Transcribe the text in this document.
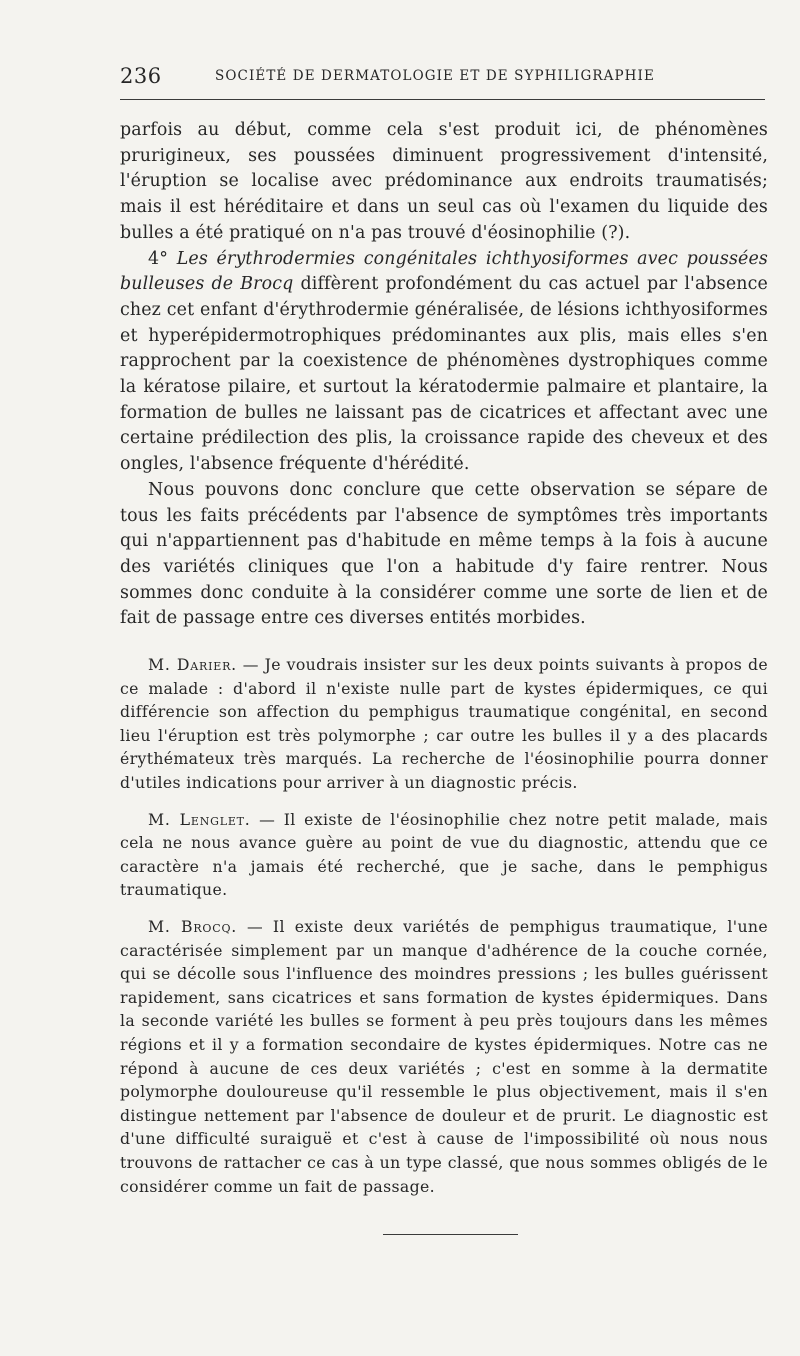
236	SOCIÉTÉ DE DERMATOLOGIE ET DE SYPHILIGRAPHIE

parfois au début, comme cela s'est produit ici, de phénomènes prurigineux, ses poussées diminuent progressivement d'intensité, l'éruption se localise avec prédominance aux endroits traumatisés; mais il est héréditaire et dans un seul cas où l'examen du liquide des bulles a été pratiqué on n'a pas trouvé d'éosinophilie (?).

4° Les érythrodermies congénitales ichthyosiformes avec poussées bulleuses de Brocq diffèrent profondément du cas actuel par l'absence chez cet enfant d'érythrodermie généralisée, de lésions ichthyosiformes et hyperépidermotrophiques prédominantes aux plis, mais elles s'en rapprochent par la coexistence de phénomènes dystrophiques comme la kératose pilaire, et surtout la kératodermie palmaire et plantaire, la formation de bulles ne laissant pas de cicatrices et affectant avec une certaine prédilection des plis, la croissance rapide des cheveux et des ongles, l'absence fréquente d'hérédité.

Nous pouvons donc conclure que cette observation se sépare de tous les faits précédents par l'absence de symptômes très importants qui n'appartiennent pas d'habitude en même temps à la fois à aucune des variétés cliniques que l'on a habitude d'y faire rentrer. Nous sommes donc conduite à la considérer comme une sorte de lien et de fait de passage entre ces diverses entités morbides.

M. Darier. — Je voudrais insister sur les deux points suivants à propos de ce malade : d'abord il n'existe nulle part de kystes épidermiques, ce qui différencie son affection du pemphigus traumatique congénital, en second lieu l'éruption est très polymorphe ; car outre les bulles il y a des placards érythémateux très marqués. La recherche de l'éosinophilie pourra donner d'utiles indications pour arriver à un diagnostic précis.

M. Lenglet. — Il existe de l'éosinophilie chez notre petit malade, mais cela ne nous avance guère au point de vue du diagnostic, attendu que ce caractère n'a jamais été recherché, que je sache, dans le pemphigus traumatique.

M. Brocq. — Il existe deux variétés de pemphigus traumatique, l'une caractérisée simplement par un manque d'adhérence de la couche cornée, qui se décolle sous l'influence des moindres pressions ; les bulles guérissent rapidement, sans cicatrices et sans formation de kystes épidermiques. Dans la seconde variété les bulles se forment à peu près toujours dans les mêmes régions et il y a formation secondaire de kystes épidermiques. Notre cas ne répond à aucune de ces deux variétés ; c'est en somme à la dermatite polymorphe douloureuse qu'il ressemble le plus objectivement, mais il s'en distingue nettement par l'absence de douleur et de prurit. Le diagnostic est d'une difficulté suraiguë et c'est à cause de l'impossibilité où nous nous trouvons de rattacher ce cas à un type classé, que nous sommes obligés de le considérer comme un fait de passage.
